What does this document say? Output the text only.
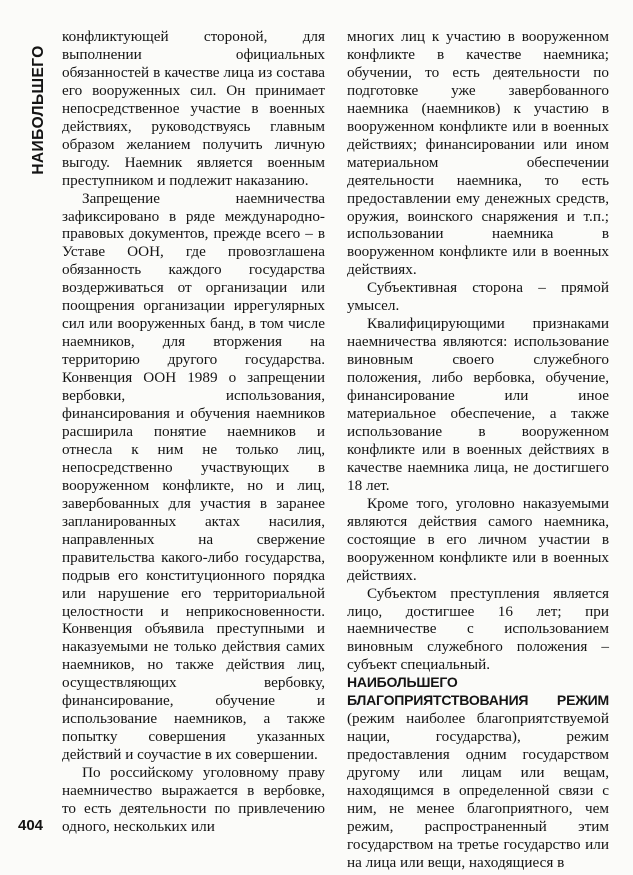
НАИБОЛЬШЕГО

конфликтующей стороной, для выполнении официальных обязанностей в качестве лица из состава его вооруженных сил. Он принимает непосредственное участие в военных действиях, руководствуясь главным образом желанием получить личную выгоду. Наемник является военным преступником и подлежит наказанию.

Запрещение наемничества зафиксировано в ряде международно-правовых документов, прежде всего – в Уставе ООН, где провозглашена обязанность каждого государства воздерживаться от организации или поощрения организации иррегулярных сил или вооруженных банд, в том числе наемников, для вторжения на территорию другого государства. Конвенция ООН 1989 о запрещении вербовки, использования, финансирования и обучения наемников расширила понятие наемников и отнесла к ним не только лиц, непосредственно участвующих в вооруженном конфликте, но и лиц, завербованных для участия в заранее запланированных актах насилия, направленных на свержение правительства какого-либо государства, подрыв его конституционного порядка или нарушение его территориальной целостности и неприкосновенности. Конвенция объявила преступными и наказуемыми не только действия самих наемников, но также действия лиц, осуществляющих вербовку, финансирование, обучение и использование наемников, а также попытку совершения указанных действий и соучастие в их совершении.

По российскому уголовному праву наемничество выражается в вербовке, то есть деятельности по привлечению одного, нескольких или

многих лиц к участию в вооруженном конфликте в качестве наемника; обучении, то есть деятельности по подготовке уже завербованного наемника (наемников) к участию в вооруженном конфликте или в военных действиях; финансировании или ином материальном обеспечении деятельности наемника, то есть предоставлении ему денежных средств, оружия, воинского снаряжения и т.п.; использовании наемника в вооруженном конфликте или в военных действиях.

Субъективная сторона – прямой умысел.

Квалифицирующими признаками наемничества являются: использование виновным своего служебного положения, либо вербовка, обучение, финансирование или иное материальное обеспечение, а также использование в вооруженном конфликте или в военных действиях в качестве наемника лица, не достигшего 18 лет.

Кроме того, уголовно наказуемыми являются действия самого наемника, состоящие в его личном участии в вооруженном конфликте или в военных действиях.

Субъектом преступления является лицо, достигшее 16 лет; при наемничестве с использованием виновным служебного положения – субъект специальный.

НАИБОЛЬШЕГО БЛАГОПРИЯТСТВОВАНИЯ РЕЖИМ (режим наиболее благоприятствуемой нации, государства), режим предоставления одним государством другому или лицам или вещам, находящимся в определенной связи с ним, не менее благоприятного, чем режим, распространенный этим государством на третье государство или на лица или вещи, находящиеся в

404
